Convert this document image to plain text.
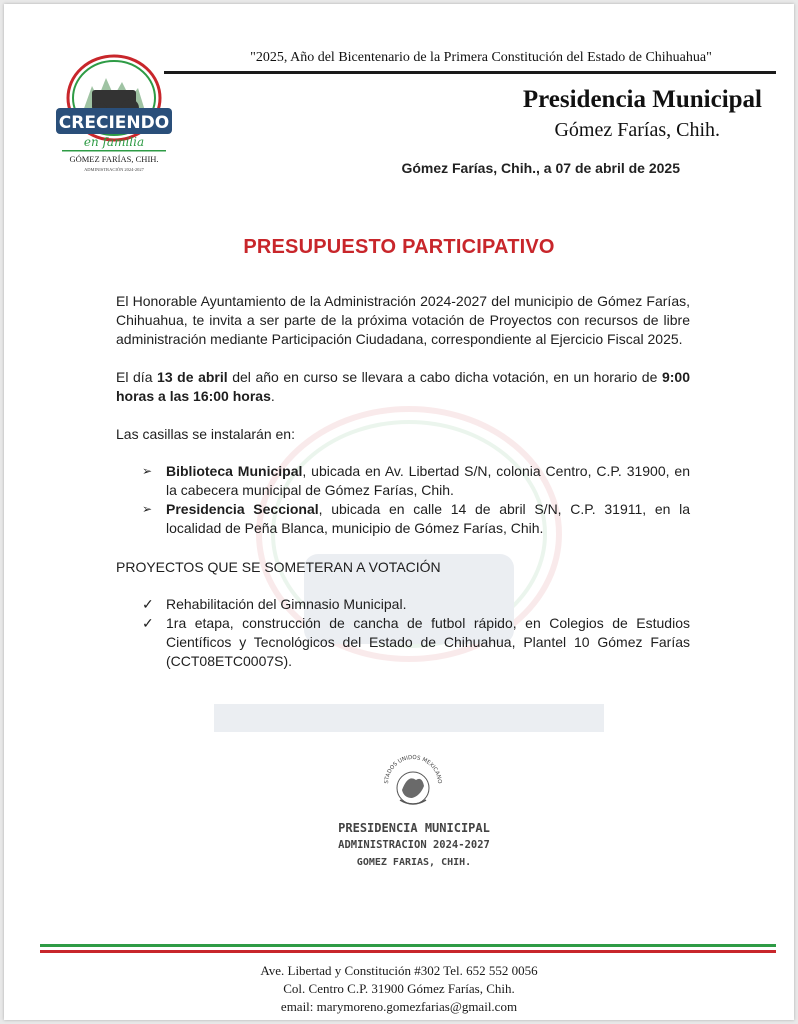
CRECIENDO
en familia
GÓMEZ FARÍAS, CHIH.
ADMINISTRACIÓN 2024-2027
"2025, Año del Bicentenario de la Primera Constitución del Estado de Chihuahua"
Presidencia Municipal
Gómez Farías, Chih.
Gómez Farías, Chih., a 07 de abril de 2025
PRESUPUESTO PARTICIPATIVO

El Honorable Ayuntamiento de la Administración 2024-2027 del municipio de Gómez Farías, Chihuahua, te invita a ser parte de la próxima votación de Proyectos con recursos de libre administración mediante Participación Ciudadana, correspondiente al Ejercicio Fiscal 2025.

El día 13 de abril del año en curso se llevara a cabo dicha votación, en un horario de 9:00 horas a las 16:00 horas.

Las casillas se instalarán en:

➢ Biblioteca Municipal, ubicada en Av. Libertad S/N, colonia Centro, C.P. 31900, en la cabecera municipal de Gómez Farías, Chih.
➢ Presidencia Seccional, ubicada en calle 14 de abril S/N, C.P. 31911, en la localidad de Peña Blanca, municipio de Gómez Farías, Chih.

PROYECTOS QUE SE SOMETERAN A VOTACIÓN

✓ Rehabilitación del Gimnasio Municipal.
✓ 1ra etapa, construcción de cancha de futbol rápido, en Colegios de Estudios Científicos y Tecnológicos del Estado de Chihuahua, Plantel 10 Gómez Farías (CCT08ETC0007S).
STADOS UNIDOS MEXICANO
PRESIDENCIA MUNICIPAL
ADMINISTRACION 2024-2027
GOMEZ FARIAS, CHIH.
Ave. Libertad y Constitución #302 Tel. 652 552 0056
Col. Centro C.P. 31900 Gómez Farías, Chih.
email: marymoreno.gomezfarias@gmail.com
